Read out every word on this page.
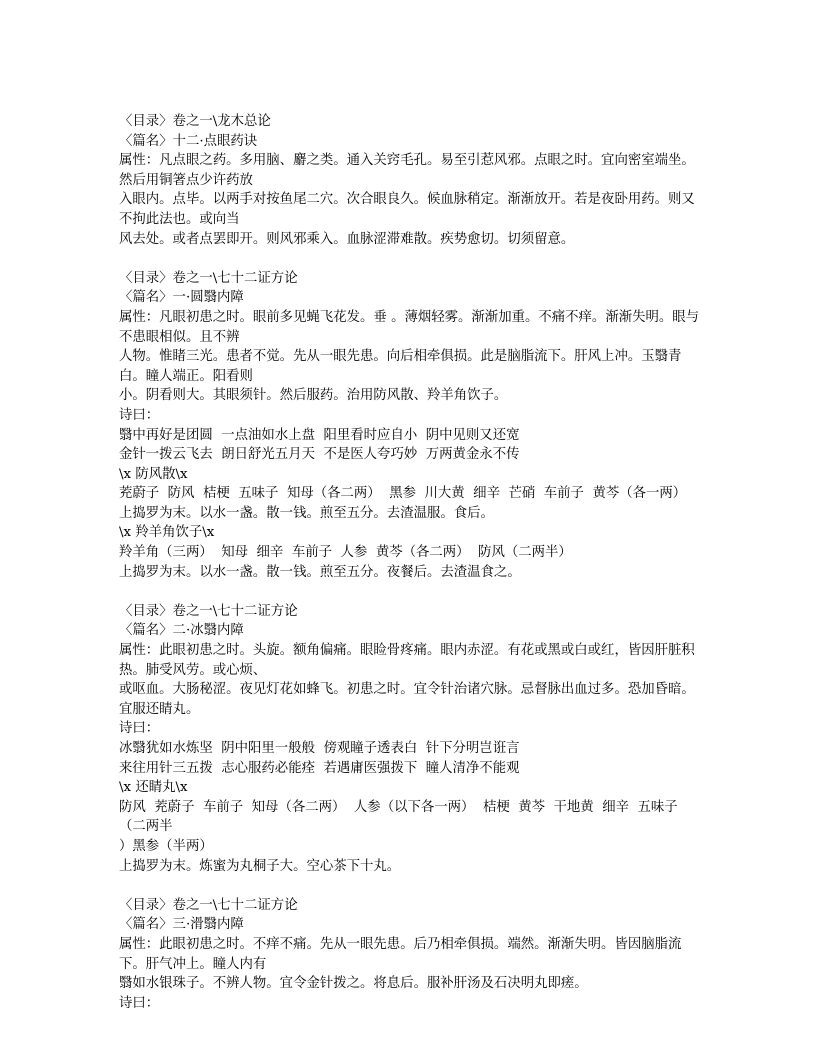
〈目录〉卷之一\龙木总论

〈篇名〉十二·点眼药诀

属性：凡点眼之药。多用脑、麝之类。通入关窍毛孔。易至引惹风邪。点眼之时。宜向密室端坐。然后用铜箸点少许药放

入眼内。点毕。以两手对按鱼尾二穴。次合眼良久。候血脉稍定。渐渐放开。若是夜卧用药。则又不拘此法也。或向当

风去处。或者点罢即开。则风邪乘入。血脉涩滞难散。疾势愈切。切须留意。

〈目录〉卷之一\七十二证方论

〈篇名〉一·圆翳内障

属性：凡眼初患之时。眼前多见蝇飞花发。垂 。薄烟轻雾。渐渐加重。不痛不痒。渐渐失明。眼与不患眼相似。且不辨

人物。惟睹三光。患者不觉。先从一眼先患。向后相牵俱损。此是脑脂流下。肝风上冲。玉翳青白。瞳人端正。阳看则

小。阴看则大。其眼须针。然后服药。治用防风散、羚羊角饮子。

诗曰：

翳中再好是团圆  一点油如水上盘  阳里看时应自小  阴中见则又还宽

金针一拨云飞去  朗日舒光五月天  不是医人夸巧妙  万两黄金永不传

\x 防风散\x

茺蔚子  防风  桔梗  五味子  知母（各二两）  黑参  川大黄  细辛  芒硝  车前子  黄芩（各一两）

上捣罗为末。以水一盏。散一钱。煎至五分。去渣温服。食后。

\x 羚羊角饮子\x

羚羊角（三两）  知母  细辛  车前子  人参  黄芩（各二两）  防风（二两半）

上捣罗为末。以水一盏。散一钱。煎至五分。夜餐后。去渣温食之。

〈目录〉卷之一\七十二证方论

〈篇名〉二·冰翳内障

属性：此眼初患之时。头旋。额角偏痛。眼睑骨疼痛。眼内赤涩。有花或黑或白或红，皆因肝脏积热。肺受风劳。或心烦、

或呕血。大肠秘涩。夜见灯花如蜂飞。初患之时。宜令针治诸穴脉。忌督脉出血过多。恐加昏暗。宜服还睛丸。

诗曰：

冰翳犹如水炼坚  阴中阳里一般般  傍观瞳子透表白  针下分明岂诳言

来往用针三五拨  志心服药必能痊  若遇庸医强拨下  瞳人清净不能观

\x 还睛丸\x

防风  茺蔚子  车前子  知母（各二两）  人参（以下各一两）  桔梗  黄芩  干地黄  细辛  五味子（二两半

）黑参（半两）

上捣罗为末。炼蜜为丸桐子大。空心茶下十丸。

〈目录〉卷之一\七十二证方论

〈篇名〉三·滑翳内障

属性：此眼初患之时。不痒不痛。先从一眼先患。后乃相牵俱损。端然。渐渐失明。皆因脑脂流下。肝气冲上。瞳人内有

翳如水银珠子。不辨人物。宜令金针拨之。将息后。服补肝汤及石决明丸即瘥。

诗曰：
